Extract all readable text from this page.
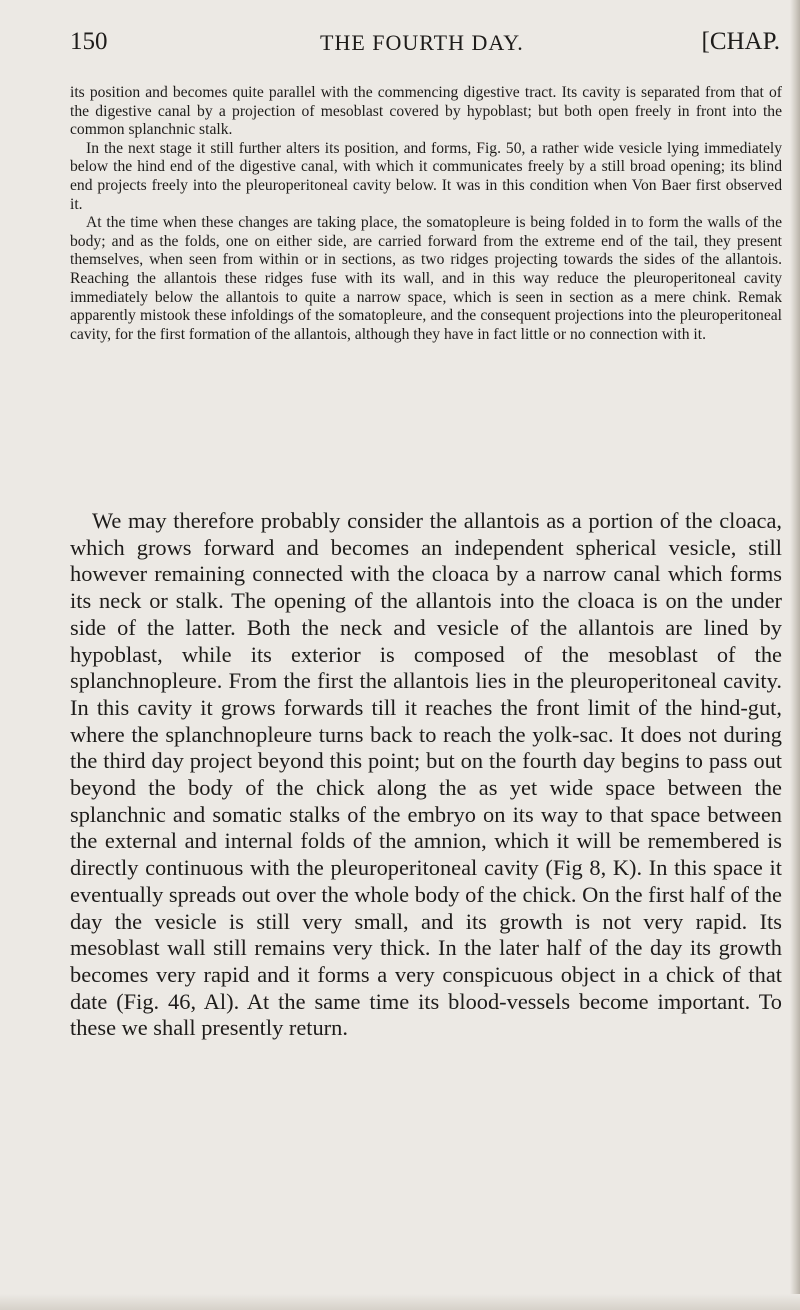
150	THE FOURTH DAY.	[CHAP.

its position and becomes quite parallel with the commencing digestive tract. Its cavity is separated from that of the digestive canal by a projection of mesoblast covered by hypoblast; but both open freely in front into the common splanchnic stalk.

In the next stage it still further alters its position, and forms, Fig. 50, a rather wide vesicle lying immediately below the hind end of the digestive canal, with which it communicates freely by a still broad opening; its blind end projects freely into the pleuroperitoneal cavity below. It was in this condition when Von Baer first observed it.

At the time when these changes are taking place, the somatopleure is being folded in to form the walls of the body; and as the folds, one on either side, are carried forward from the extreme end of the tail, they present themselves, when seen from within or in sections, as two ridges projecting towards the sides of the allantois. Reaching the allantois these ridges fuse with its wall, and in this way reduce the pleuroperitoneal cavity immediately below the allantois to quite a narrow space, which is seen in section as a mere chink. Remak apparently mistook these infoldings of the somatopleure, and the consequent projections into the pleuroperitoneal cavity, for the first formation of the allantois, although they have in fact little or no connection with it.

We may therefore probably consider the allantois as a portion of the cloaca, which grows forward and becomes an independent spherical vesicle, still however remaining connected with the cloaca by a narrow canal which forms its neck or stalk. The opening of the allantois into the cloaca is on the under side of the latter. Both the neck and vesicle of the allantois are lined by hypoblast, while its exterior is composed of the mesoblast of the splanchnopleure. From the first the allantois lies in the pleuroperitoneal cavity. In this cavity it grows forwards till it reaches the front limit of the hind-gut, where the splanchnopleure turns back to reach the yolk-sac. It does not during the third day project beyond this point; but on the fourth day begins to pass out beyond the body of the chick along the as yet wide space between the splanchnic and somatic stalks of the embryo on its way to that space between the external and internal folds of the amnion, which it will be remembered is directly continuous with the pleuroperitoneal cavity (Fig 8, K). In this space it eventually spreads out over the whole body of the chick. On the first half of the day the vesicle is still very small, and its growth is not very rapid. Its mesoblast wall still remains very thick. In the later half of the day its growth becomes very rapid and it forms a very conspicuous object in a chick of that date (Fig. 46, Al). At the same time its blood-vessels become important. To these we shall presently return.
